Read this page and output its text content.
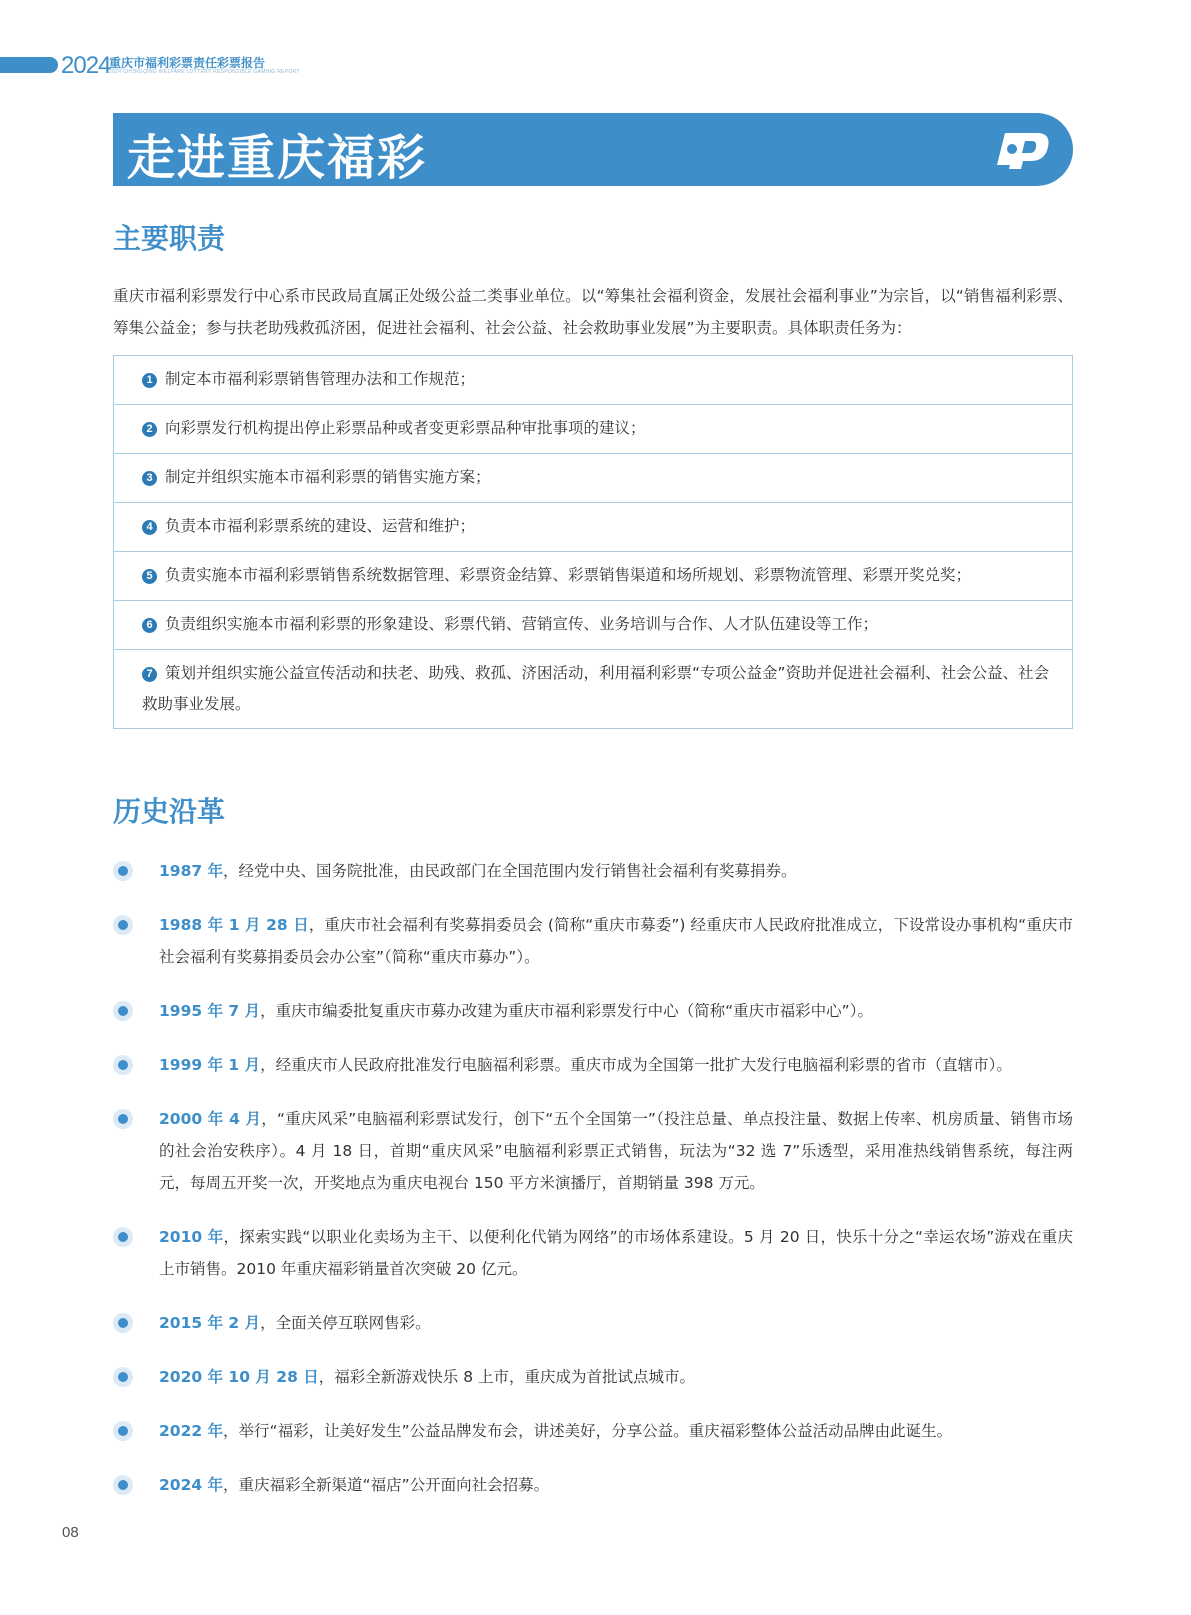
2024
重庆市福利彩票责任彩票报告
2024 CHONGQING WELFARE LOTTERY RESPONSIBLE GAMING REPORT
走进重庆福彩
主要职责
重庆市福利彩票发行中心系市民政局直属正处级公益二类事业单位。以“筹集社会福利资金，发展社会福利事业”为宗旨，以“销售福利彩票、筹集公益金；参与扶老助残救孤济困，促进社会福利、社会公益、社会救助事业发展”为主要职责。具体职责任务为：
1 制定本市福利彩票销售管理办法和工作规范；
2 向彩票发行机构提出停止彩票品种或者变更彩票品种审批事项的建议；
3 制定并组织实施本市福利彩票的销售实施方案；
4 负责本市福利彩票系统的建设、运营和维护；
5 负责实施本市福利彩票销售系统数据管理、彩票资金结算、彩票销售渠道和场所规划、彩票物流管理、彩票开奖兑奖；
6 负责组织实施本市福利彩票的形象建设、彩票代销、营销宣传、业务培训与合作、人才队伍建设等工作；
7 策划并组织实施公益宣传活动和扶老、助残、救孤、济困活动，利用福利彩票“专项公益金”资助并促进社会福利、社会公益、社会救助事业发展。
历史沿革
1987 年，经党中央、国务院批准，由民政部门在全国范围内发行销售社会福利有奖募捐券。
1988 年 1 月 28 日，重庆市社会福利有奖募捐委员会 (简称“重庆市募委”) 经重庆市人民政府批准成立，下设常设办事机构“重庆市社会福利有奖募捐委员会办公室”（简称“重庆市募办”）。
1995 年 7 月，重庆市编委批复重庆市募办改建为重庆市福利彩票发行中心（简称“重庆市福彩中心”）。
1999 年 1 月，经重庆市人民政府批准发行电脑福利彩票。重庆市成为全国第一批扩大发行电脑福利彩票的省市（直辖市）。
2000 年 4 月，“重庆风采”电脑福利彩票试发行，创下“五个全国第一”（投注总量、单点投注量、数据上传率、机房质量、销售市场的社会治安秩序）。4 月 18 日，首期“重庆风采”电脑福利彩票正式销售，玩法为“32 选 7”乐透型，采用准热线销售系统，每注两元，每周五开奖一次，开奖地点为重庆电视台 150 平方米演播厅，首期销量 398 万元。
2010 年，探索实践“以职业化卖场为主干、以便利化代销为网络”的市场体系建设。5 月 20 日，快乐十分之“幸运农场”游戏在重庆上市销售。2010 年重庆福彩销量首次突破 20 亿元。
2015 年 2 月，全面关停互联网售彩。
2020 年 10 月 28 日，福彩全新游戏快乐 8 上市，重庆成为首批试点城市。
2022 年，举行“福彩，让美好发生”公益品牌发布会，讲述美好，分享公益。重庆福彩整体公益活动品牌由此诞生。
2024 年，重庆福彩全新渠道“福店”公开面向社会招募。
08
